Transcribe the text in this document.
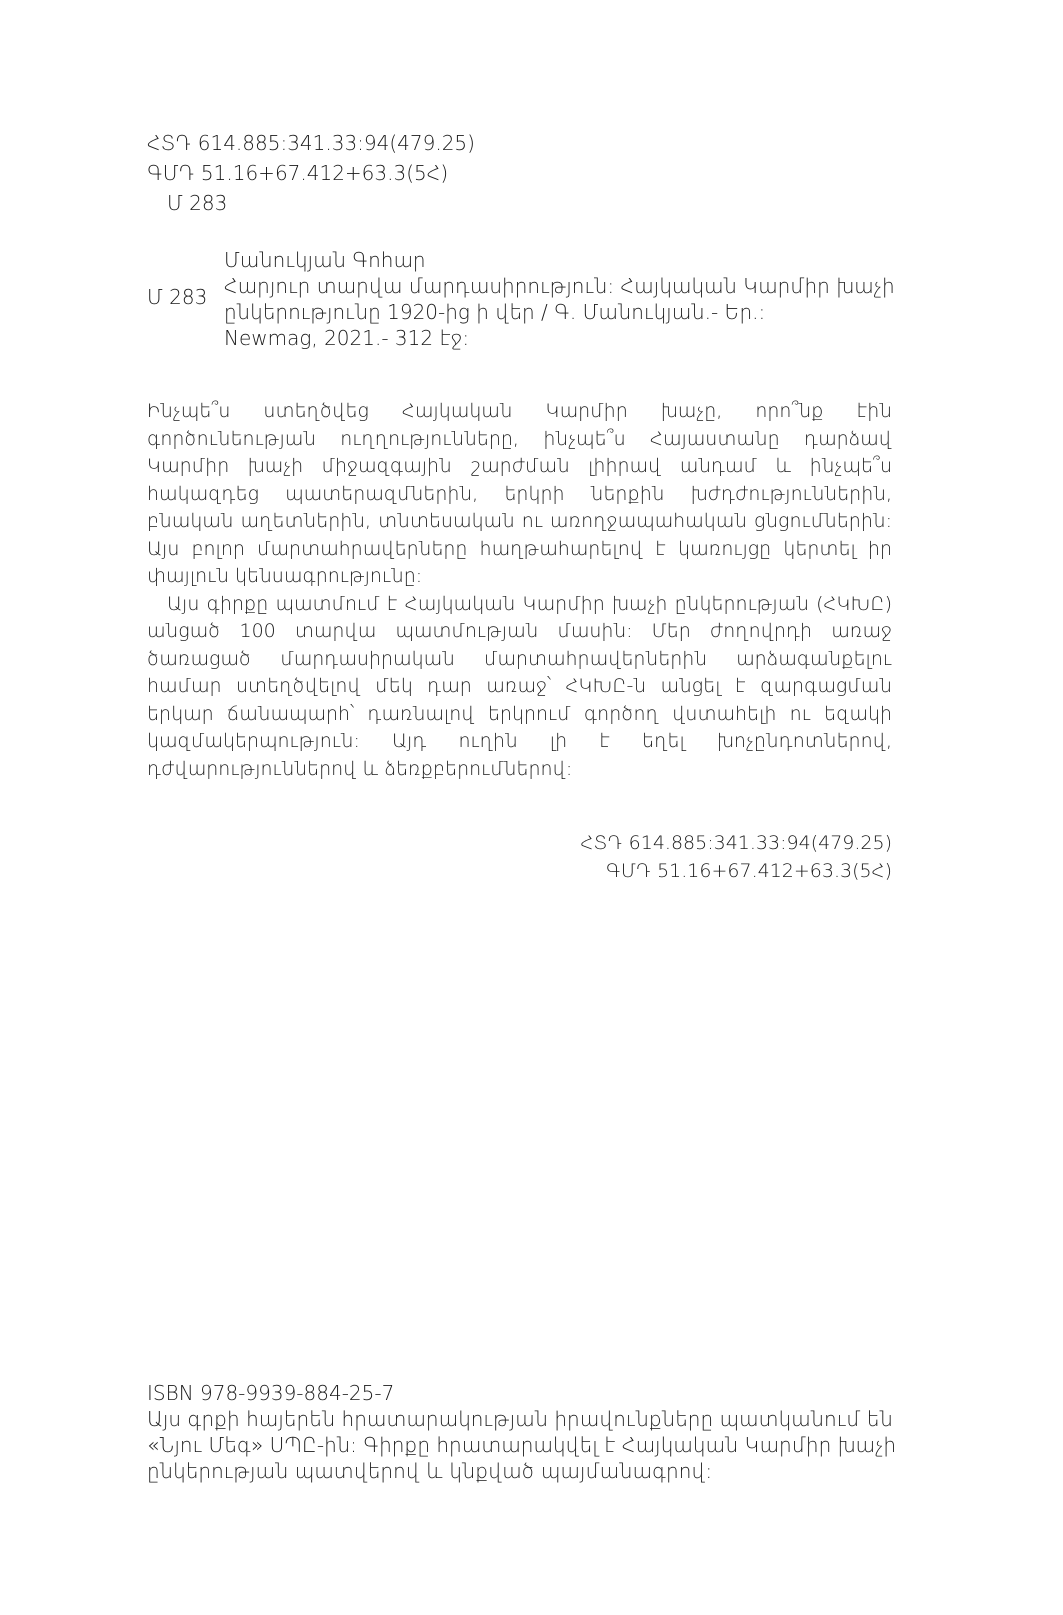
ՀՏԴ 614.885:341.33:94(479.25)
ԳՄԴ 51.16+67.412+63.3(5Հ)
Մ 283
Մ 283
Մանուկյան Գոհար
Հարյուր տարվա մարդասիրություն: Հայկական Կարմիր խաչի
ընկերությունը 1920-ից ի վեր / Գ. Մանուկյան.- Եր.:
Newmag, 2021.- 312 էջ:

Ինչպե՞ս ստեղծվեց Հայկական Կարմիր խաչը, որո՞նք էին գործունեության ուղղությունները, ինչպե՞ս Հայաստանը դարձավ Կարմիր խաչի միջազգային շարժման լիիրավ անդամ և ինչպե՞ս հակազդեց պատերազմներին, երկրի ներքին խժդժություններին, բնական աղետներին, տնտեսական ու առողջապահական ցնցումներին: Այս բոլոր մարտահրավերները հաղթահարելով է կառույցը կերտել իր փայլուն կենսագրությունը:

Այս գիրքը պատմում է Հայկական Կարմիր խաչի ընկերության (ՀԿԽԸ) անցած 100 տարվա պատմության մասին: Մեր ժողովրդի առաջ ծառացած մարդասիրական մարտահրավերներին արձագանքելու համար ստեղծվելով մեկ դար առաջ՝ ՀԿԽԸ-ն անցել է զարգացման երկար ճանապարհ՝ դառնալով երկրում գործող վստահելի ու եզակի կազմակերպություն: Այդ ուղին լի է եղել խոչընդոտներով, դժվարություններով և ձեռքբերումներով:

ՀՏԴ 614.885:341.33:94(479.25)
ԳՄԴ 51.16+67.412+63.3(5Հ)
ISBN 978-9939-884-25-7
Այս գրքի հայերեն հրատարակության իրավունքները պատկանում են
«Նյու Մեգ» ՍՊԸ-ին: Գիրքը հրատարակվել է Հայկական Կարմիր խաչի
ընկերության պատվերով և կնքված պայմանագրով:
